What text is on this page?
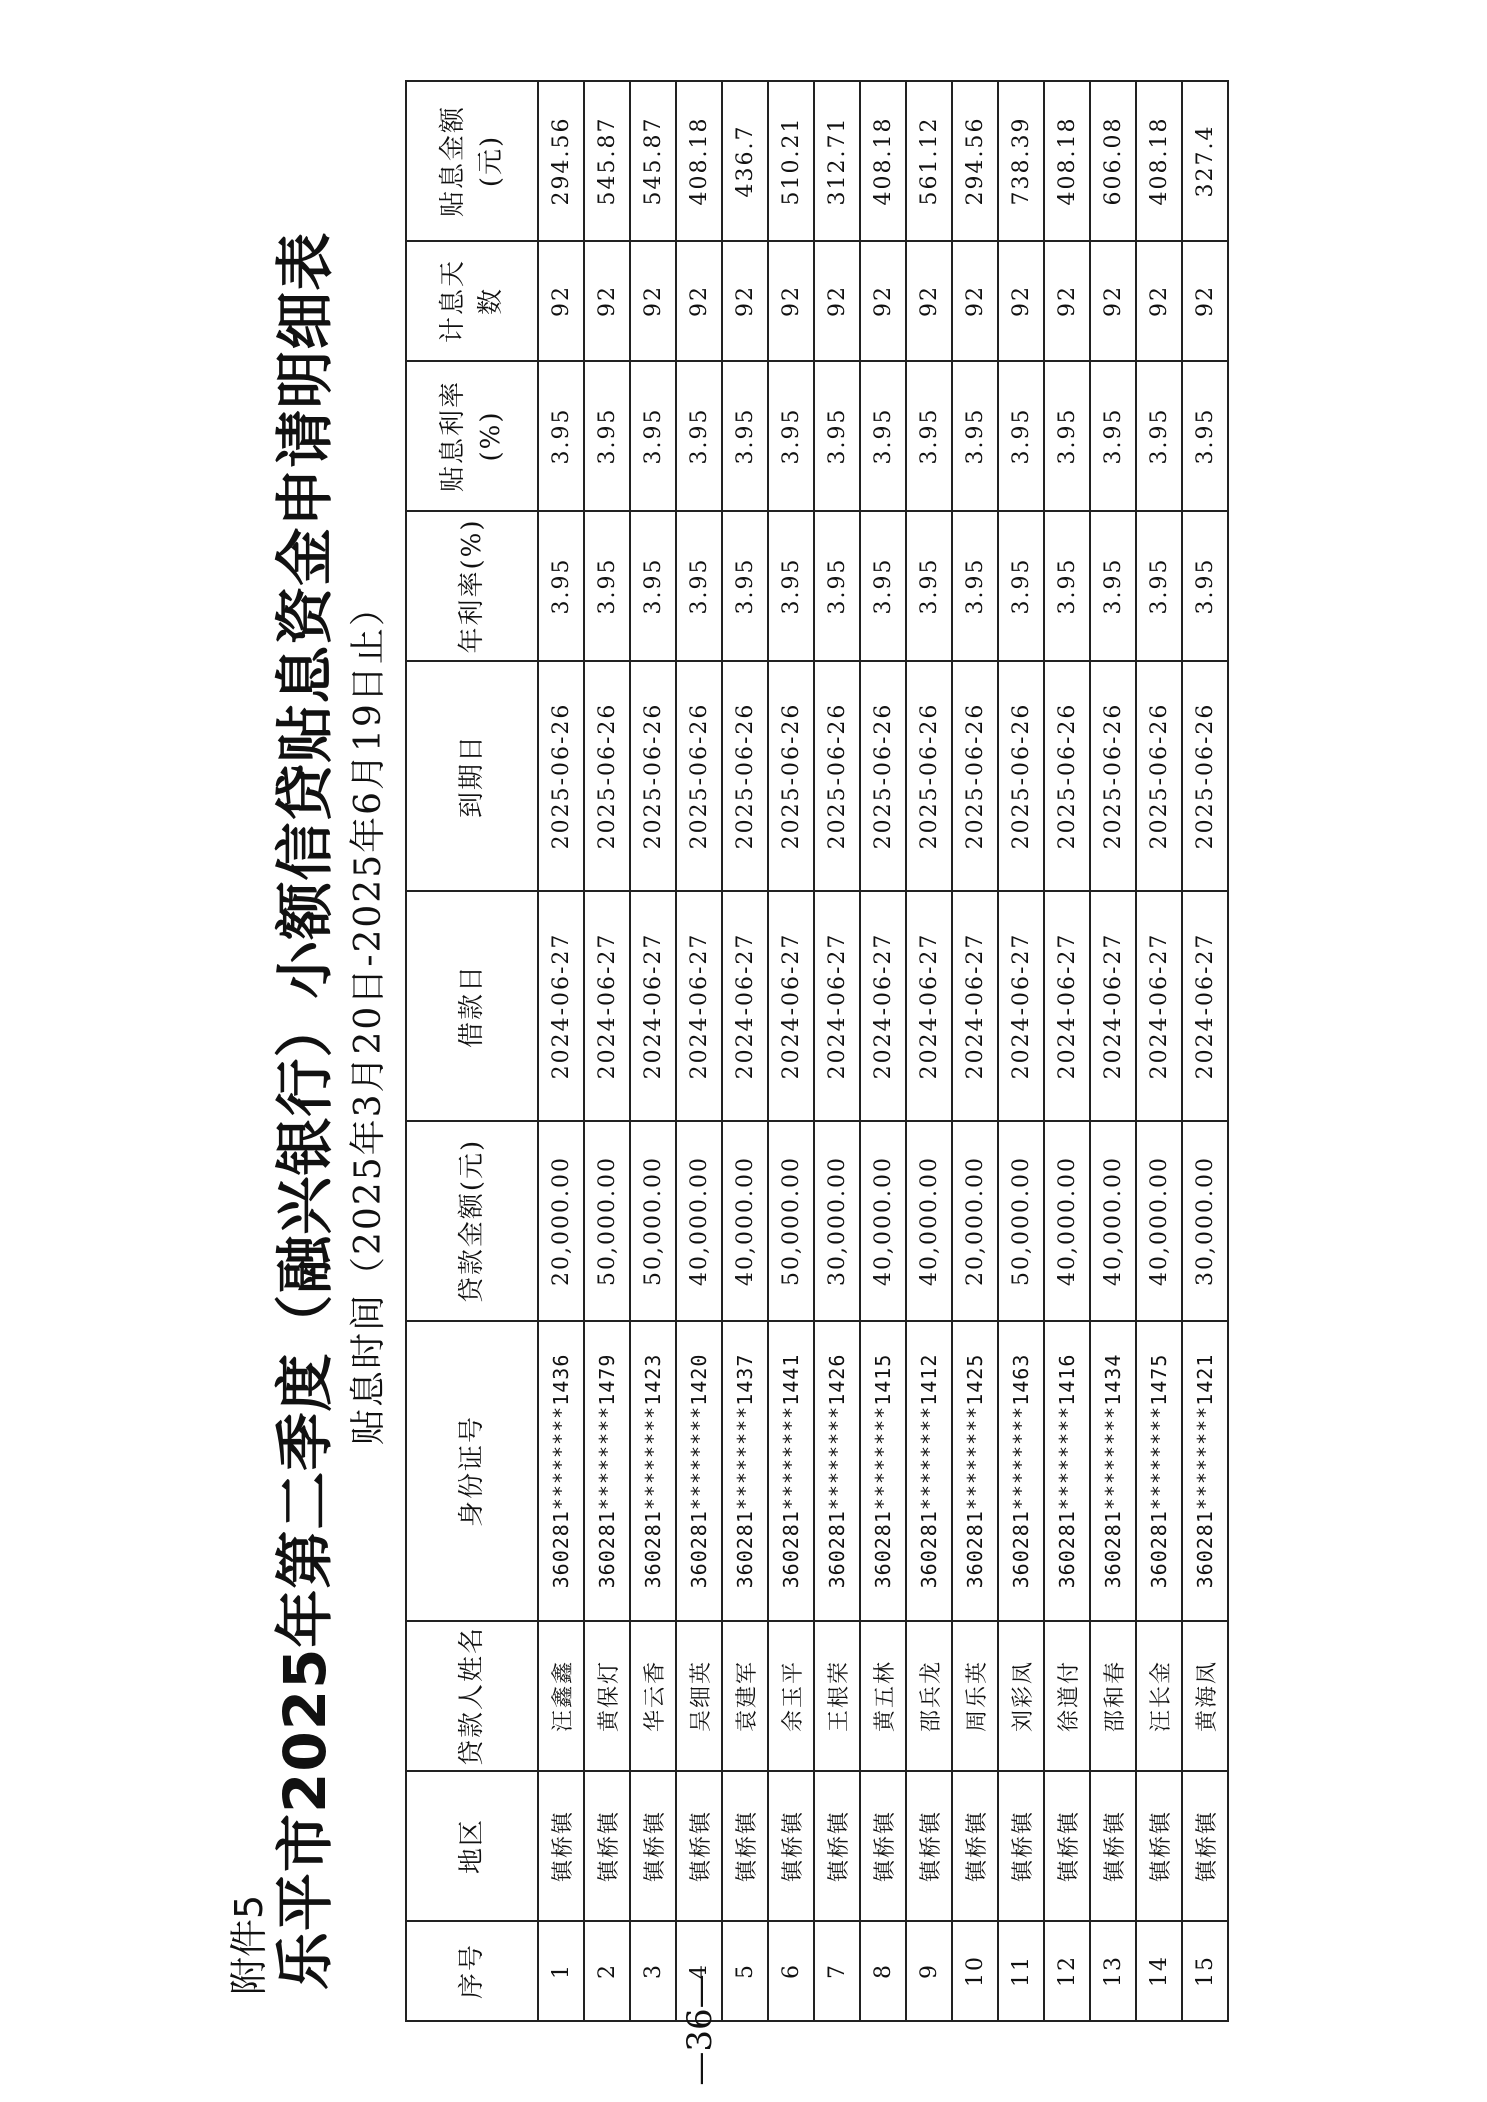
附件5 乐平市2025年第二季度（融兴银行）小额信贷贴息资金申请明细表 贴息时间（2025年3月20日-2025年6月19日止）
序号	地区	贷款人姓名	身份证号	贷款金额(元)	借款日	到期日	年利率(%)	贴息利率(%)	计息天数	贴息金额(元)
1	镇桥镇	汪鑫鑫	360281********1436	20,000.00	2024-06-27	2025-06-26	3.95	3.95	92	294.56
2	镇桥镇	黄保灯	360281********1479	50,000.00	2024-06-27	2025-06-26	3.95	3.95	92	545.87
3	镇桥镇	华云香	360281********1423	50,000.00	2024-06-27	2025-06-26	3.95	3.95	92	545.87
4	镇桥镇	吴细英	360281********1420	40,000.00	2024-06-27	2025-06-26	3.95	3.95	92	408.18
5	镇桥镇	袁建军	360281********1437	40,000.00	2024-06-27	2025-06-26	3.95	3.95	92	436.7
6	镇桥镇	余玉平	360281********1441	50,000.00	2024-06-27	2025-06-26	3.95	3.95	92	510.21
7	镇桥镇	王根荣	360281********1426	30,000.00	2024-06-27	2025-06-26	3.95	3.95	92	312.71
8	镇桥镇	黄五林	360281********1415	40,000.00	2024-06-27	2025-06-26	3.95	3.95	92	408.18
9	镇桥镇	邵兵龙	360281********1412	40,000.00	2024-06-27	2025-06-26	3.95	3.95	92	561.12
10	镇桥镇	周乐英	360281********1425	20,000.00	2024-06-27	2025-06-26	3.95	3.95	92	294.56
11	镇桥镇	刘彩凤	360281********1463	50,000.00	2024-06-27	2025-06-26	3.95	3.95	92	738.39
12	镇桥镇	徐道付	360281********1416	40,000.00	2024-06-27	2025-06-26	3.95	3.95	92	408.18
13	镇桥镇	邵和春	360281********1434	40,000.00	2024-06-27	2025-06-26	3.95	3.95	92	606.08
14	镇桥镇	汪长金	360281********1475	40,000.00	2024-06-27	2025-06-26	3.95	3.95	92	408.18
15	镇桥镇	黄海凤	360281********1421	30,000.00	2024-06-27	2025-06-26	3.95	3.95	92	327.4
—36—
